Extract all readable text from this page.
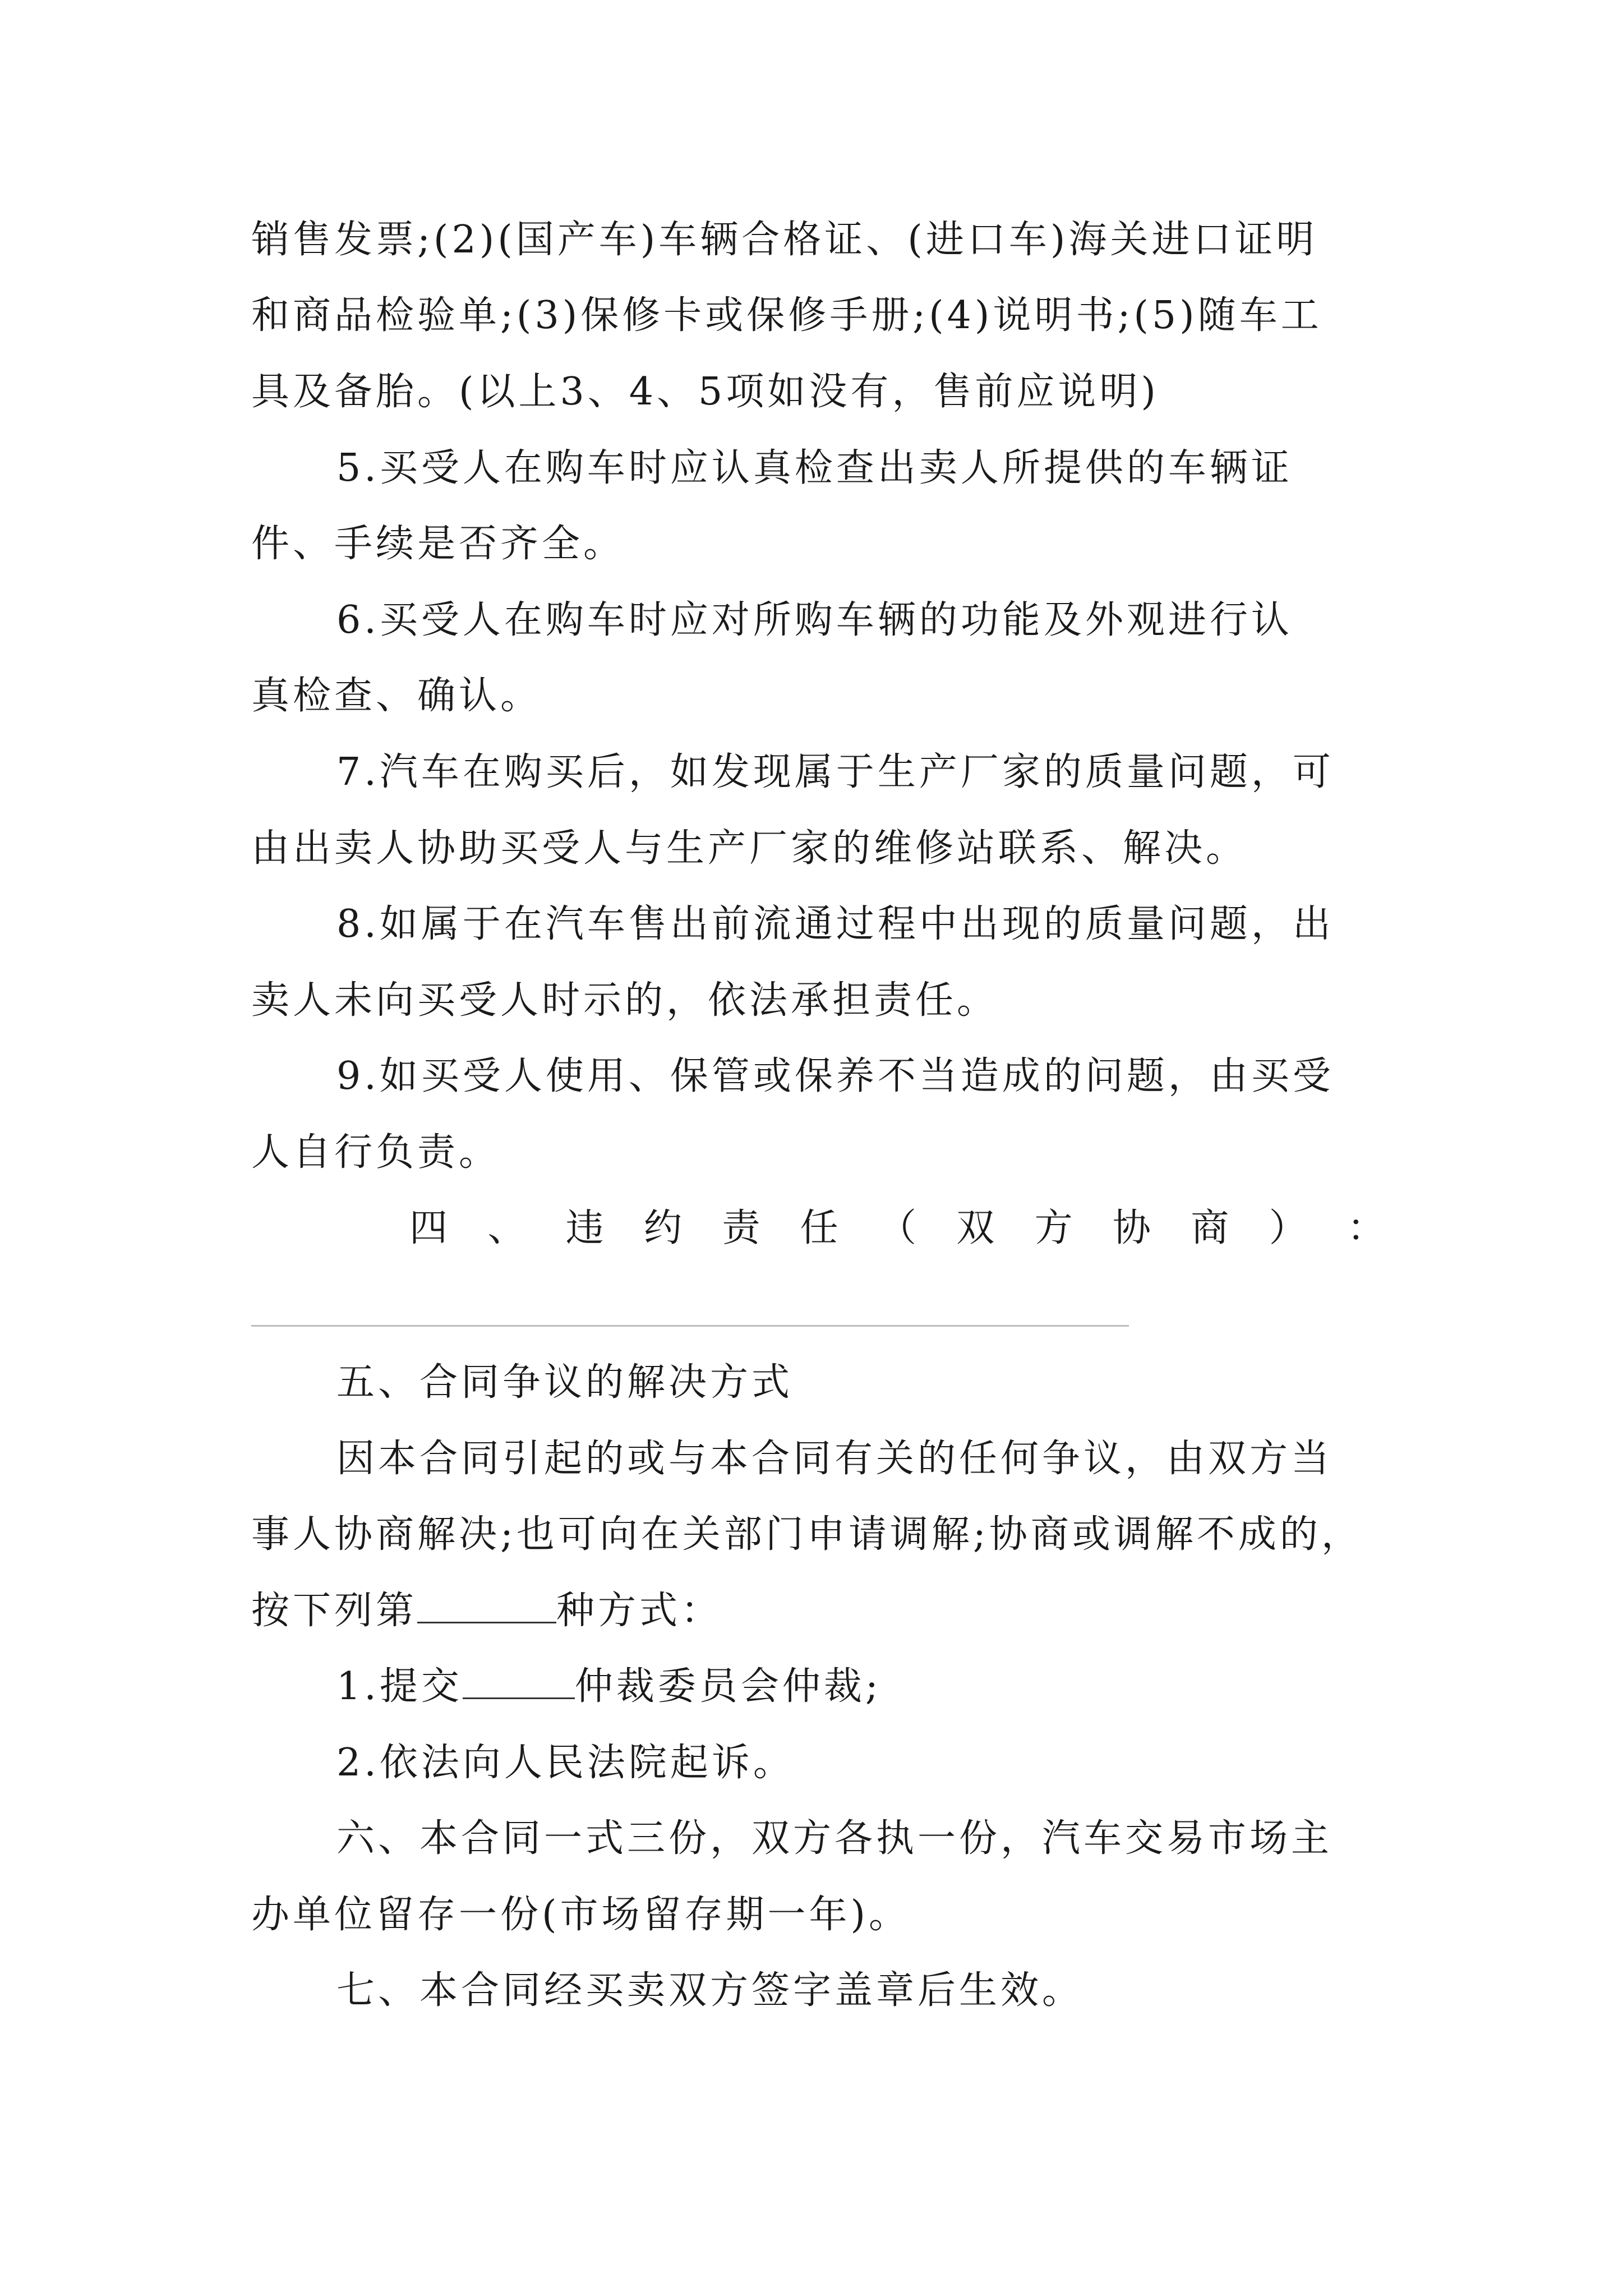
销售发票;(2)(国产车)车辆合格证、(进口车)海关进口证明
和商品检验单;(3)保修卡或保修手册;(4)说明书;(5)随车工
具及备胎。(以上3、4、5项如没有，售前应说明)
5.买受人在购车时应认真检查出卖人所提供的车辆证
件、手续是否齐全。
6.买受人在购车时应对所购车辆的功能及外观进行认
真检查、确认。
7.汽车在购买后，如发现属于生产厂家的质量问题，可
由出卖人协助买受人与生产厂家的维修站联系、解决。
8.如属于在汽车售出前流通过程中出现的质量问题，出
卖人未向买受人时示的，依法承担责任。
9.如买受人使用、保管或保养不当造成的问题，由买受
人自行负责。
四 、 违 约 责 任 （ 双 方 协 商 ） ：
五、合同争议的解决方式
因本合同引起的或与本合同有关的任何争议，由双方当
事人协商解决;也可向在关部门申请调解;协商或调解不成的，
按下列第	种方式：
1.提交	仲裁委员会仲裁;
2.依法向人民法院起诉。
六、本合同一式三份，双方各执一份，汽车交易市场主
办单位留存一份(市场留存期一年)。
七、本合同经买卖双方签字盖章后生效。
